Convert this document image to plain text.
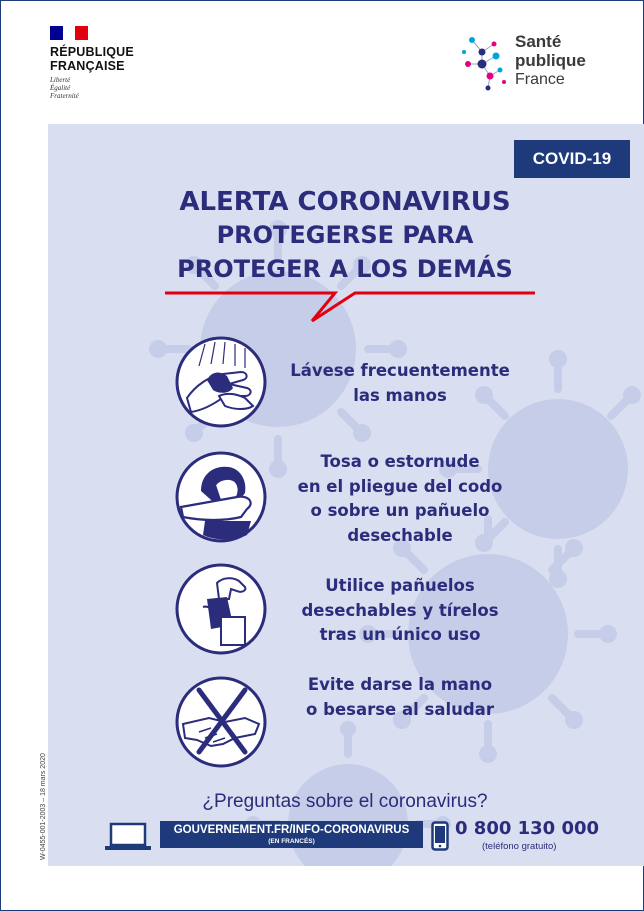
RÉPUBLIQUE
FRANÇAISE
Liberté
Égalité
Fraternité
Santé
publique
France
COVID-19
ALERTA CORONAVIRUS
PROTEGERSE PARA
PROTEGER A LOS DEMÁS
Lávese frecuentemente
las manos
Tosa o estornude
en el pliegue del codo
o sobre un pañuelo
desechable
Utilice pañuelos
desechables y tírelos
tras un único uso
Evite darse la mano
o besarse al saludar
¿Preguntas sobre el coronavirus?
GOUVERNEMENT.FR/INFO-CORONAVIRUS
(EN FRANCÉS)
0 800 130 000
(teléfono gratuito)
W-0455-001-2003 – 18 mars 2020
